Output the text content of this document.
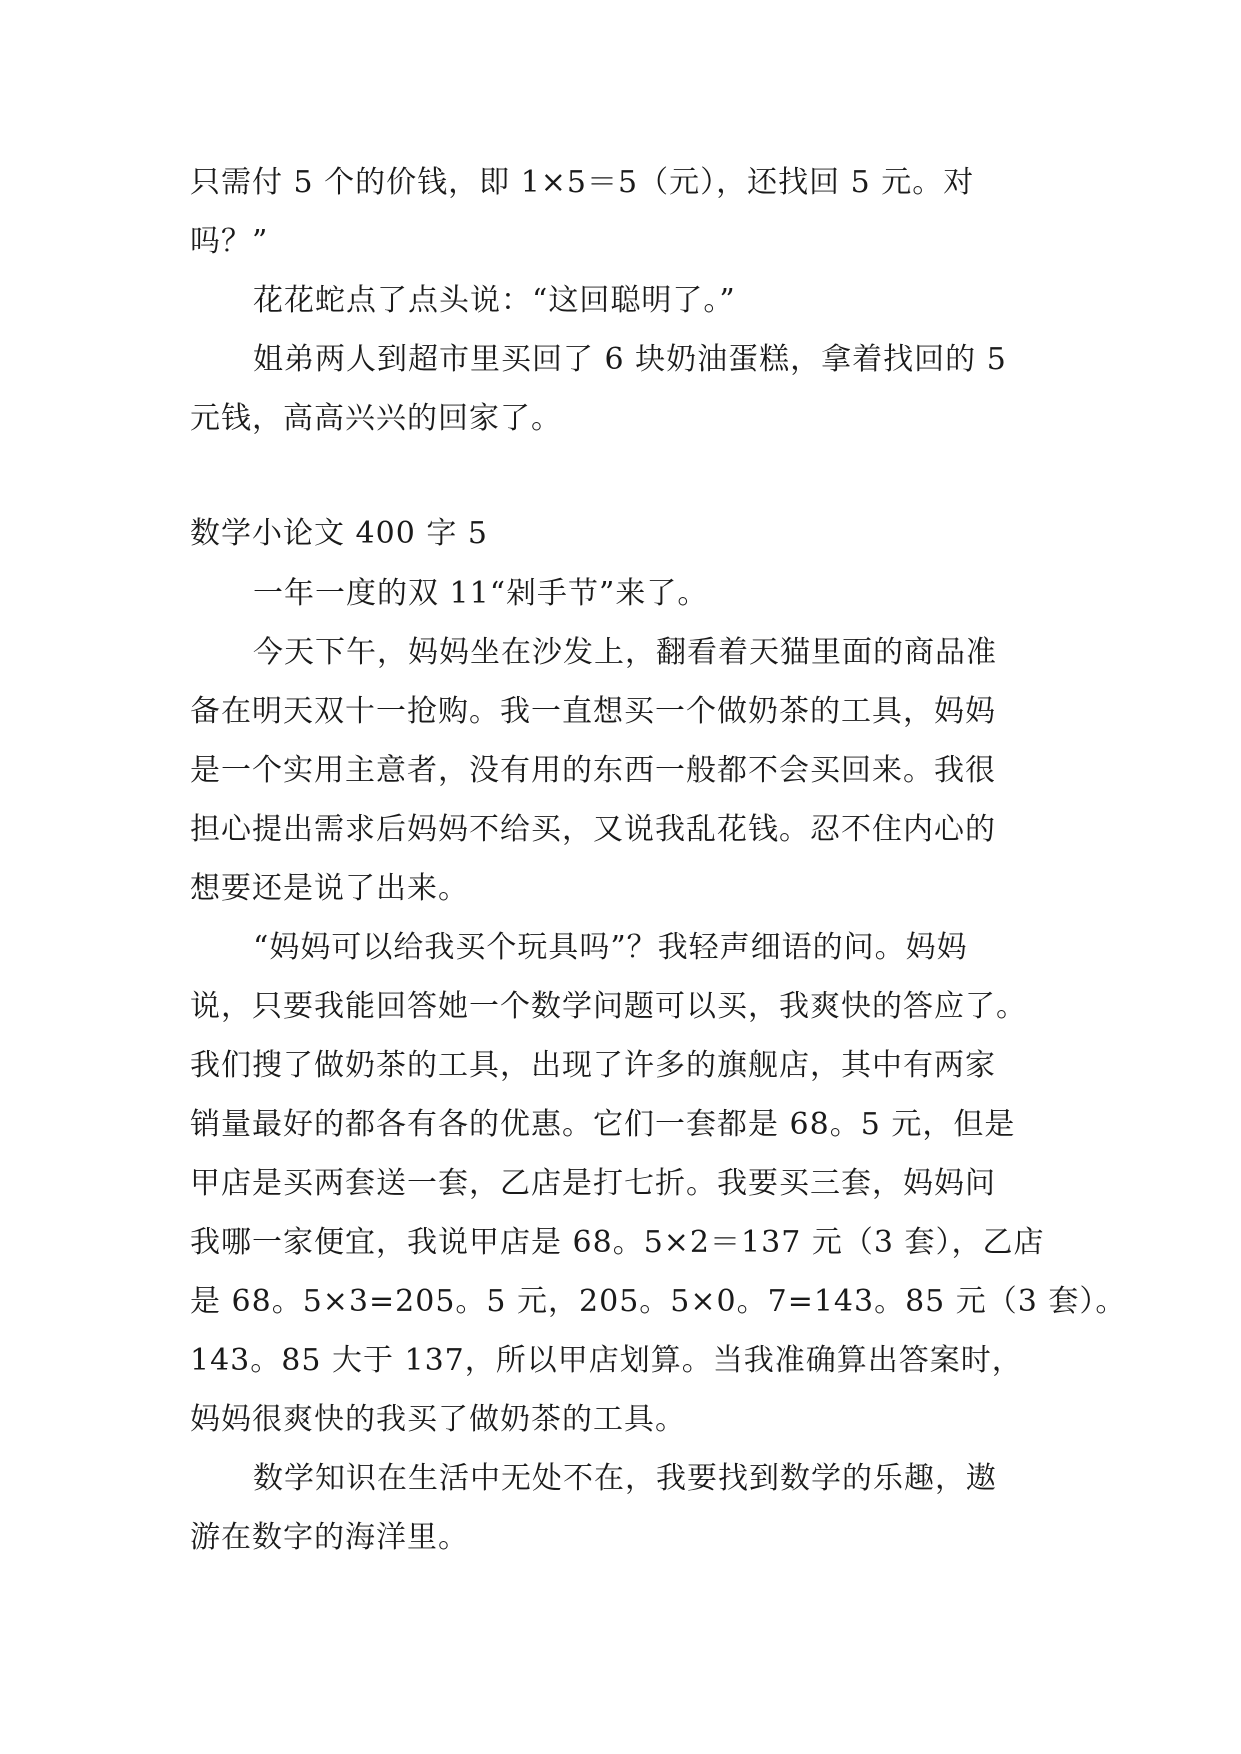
只需付 5 个的价钱，即 1×5＝5（元），还找回 5 元。对
吗？”
花花蛇点了点头说：“这回聪明了。”
姐弟两人到超市里买回了 6 块奶油蛋糕，拿着找回的 5
元钱，高高兴兴的回家了。
数学小论文 400 字 5
一年一度的双 11“剁手节”来了。
今天下午，妈妈坐在沙发上，翻看着天猫里面的商品准
备在明天双十一抢购。我一直想买一个做奶茶的工具，妈妈
是一个实用主意者，没有用的东西一般都不会买回来。我很
担心提出需求后妈妈不给买，又说我乱花钱。忍不住内心的
想要还是说了出来。
“妈妈可以给我买个玩具吗”？我轻声细语的问。妈妈
说，只要我能回答她一个数学问题可以买，我爽快的答应了。
我们搜了做奶茶的工具，出现了许多的旗舰店，其中有两家
销量最好的都各有各的优惠。它们一套都是 68。5 元，但是
甲店是买两套送一套，乙店是打七折。我要买三套，妈妈问
我哪一家便宜，我说甲店是 68。5×2＝137 元（3 套），乙店
是 68。5×3=205。5 元，205。5×0。7=143。85 元（3 套）。
143。85 大于 137，所以甲店划算。当我准确算出答案时，
妈妈很爽快的我买了做奶茶的工具。
数学知识在生活中无处不在，我要找到数学的乐趣，遨
游在数字的海洋里。
